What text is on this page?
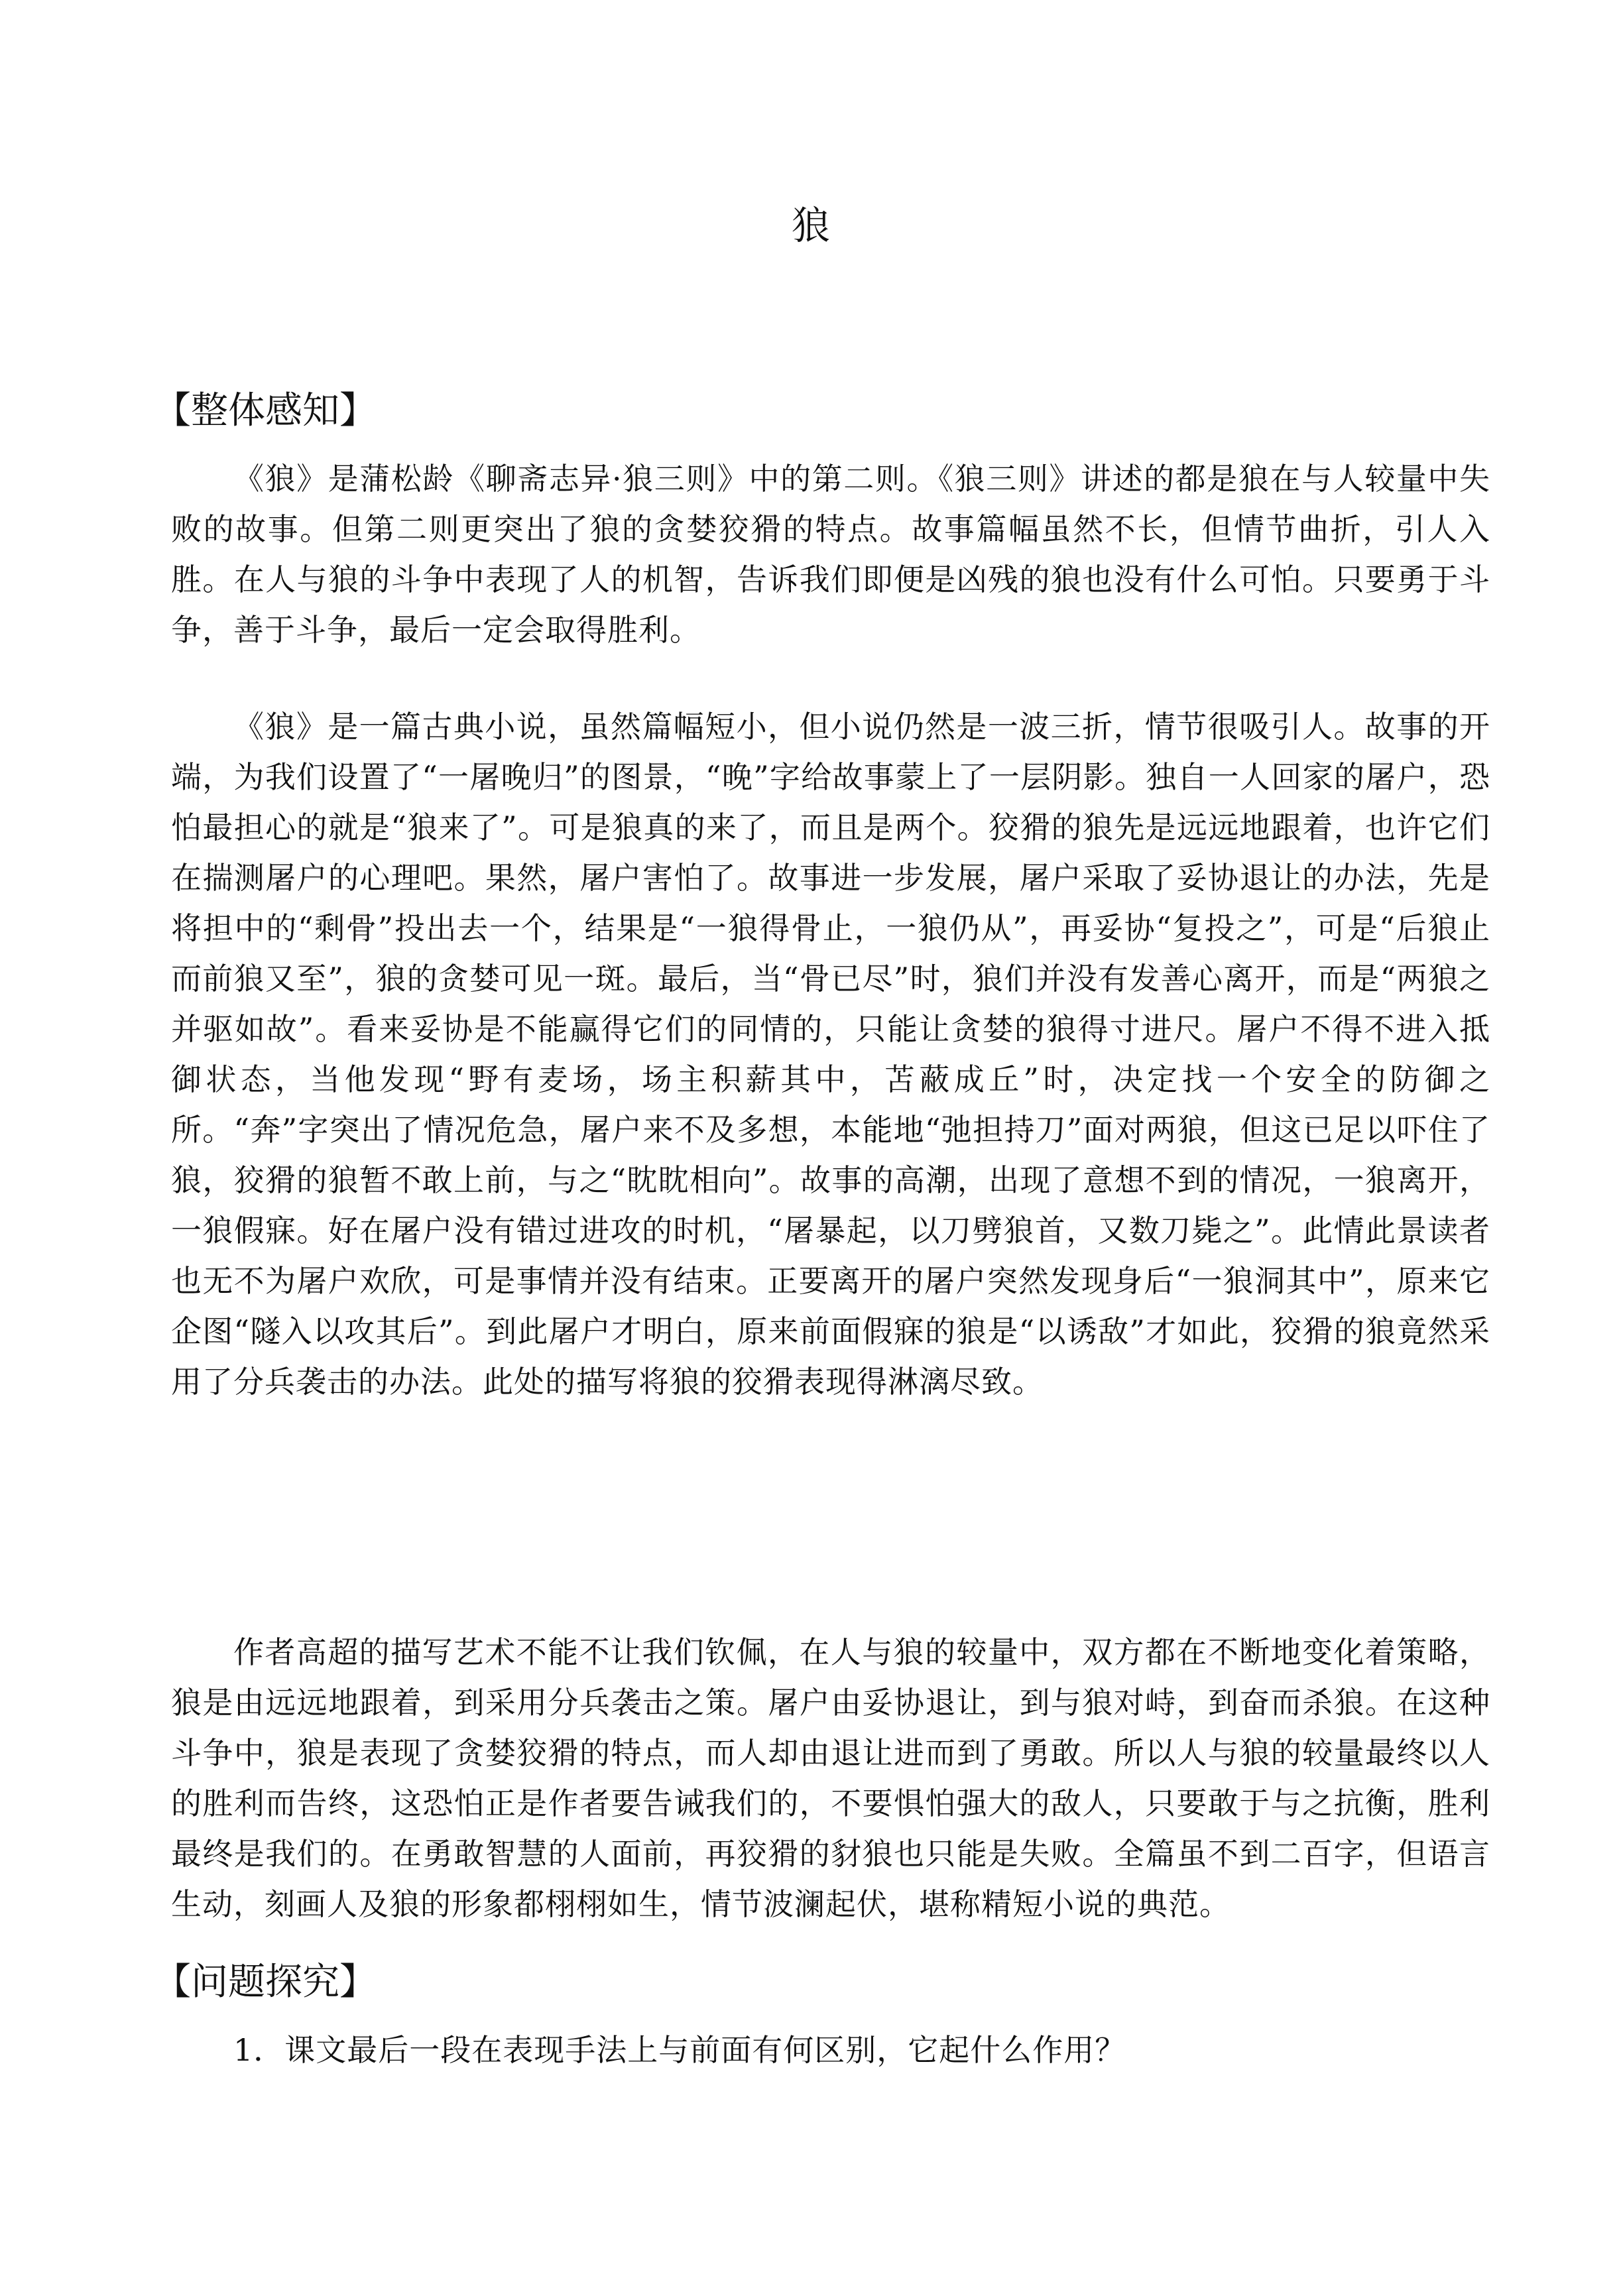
狼
【整体感知】

《狼》是蒲松龄《聊斋志异·狼三则》中的第二则。《狼三则》讲述的都是狼在与人较量中失败的故事。但第二则更突出了狼的贪婪狡猾的特点。故事篇幅虽然不长，但情节曲折，引人入胜。在人与狼的斗争中表现了人的机智，告诉我们即便是凶残的狼也没有什么可怕。只要勇于斗争，善于斗争，最后一定会取得胜利。

《狼》是一篇古典小说，虽然篇幅短小，但小说仍然是一波三折，情节很吸引人。故事的开端，为我们设置了“一屠晚归”的图景，“晚”字给故事蒙上了一层阴影。独自一人回家的屠户，恐怕最担心的就是“狼来了”。可是狼真的来了，而且是两个。狡猾的狼先是远远地跟着，也许它们在揣测屠户的心理吧。果然，屠户害怕了。故事进一步发展，屠户采取了妥协退让的办法，先是将担中的“剩骨”投出去一个，结果是“一狼得骨止，一狼仍从”，再妥协“复投之”，可是“后狼止而前狼又至”，狼的贪婪可见一斑。最后，当“骨已尽”时，狼们并没有发善心离开，而是“两狼之并驱如故”。看来妥协是不能赢得它们的同情的，只能让贪婪的狼得寸进尺。屠户不得不进入抵御状态，当他发现“野有麦场，场主积薪其中，苫蔽成丘”时，决定找一个安全的防御之所。“奔”字突出了情况危急，屠户来不及多想，本能地“弛担持刀”面对两狼，但这已足以吓住了狼，狡猾的狼暂不敢上前，与之“眈眈相向”。故事的高潮，出现了意想不到的情况，一狼离开，一狼假寐。好在屠户没有错过进攻的时机，“屠暴起，以刀劈狼首，又数刀毙之”。此情此景读者也无不为屠户欢欣，可是事情并没有结束。正要离开的屠户突然发现身后“一狼洞其中”，原来它企图“隧入以攻其后”。到此屠户才明白，原来前面假寐的狼是“以诱敌”才如此，狡猾的狼竟然采用了分兵袭击的办法。此处的描写将狼的狡猾表现得淋漓尽致。

作者高超的描写艺术不能不让我们钦佩，在人与狼的较量中，双方都在不断地变化着策略，狼是由远远地跟着，到采用分兵袭击之策。屠户由妥协退让，到与狼对峙，到奋而杀狼。在这种斗争中，狼是表现了贪婪狡猾的特点，而人却由退让进而到了勇敢。所以人与狼的较量最终以人的胜利而告终，这恐怕正是作者要告诫我们的，不要惧怕强大的敌人，只要敢于与之抗衡，胜利最终是我们的。在勇敢智慧的人面前，再狡猾的豺狼也只能是失败。全篇虽不到二百字，但语言生动，刻画人及狼的形象都栩栩如生，情节波澜起伏，堪称精短小说的典范。

【问题探究】
1．课文最后一段在表现手法上与前面有何区别，它起什么作用？
